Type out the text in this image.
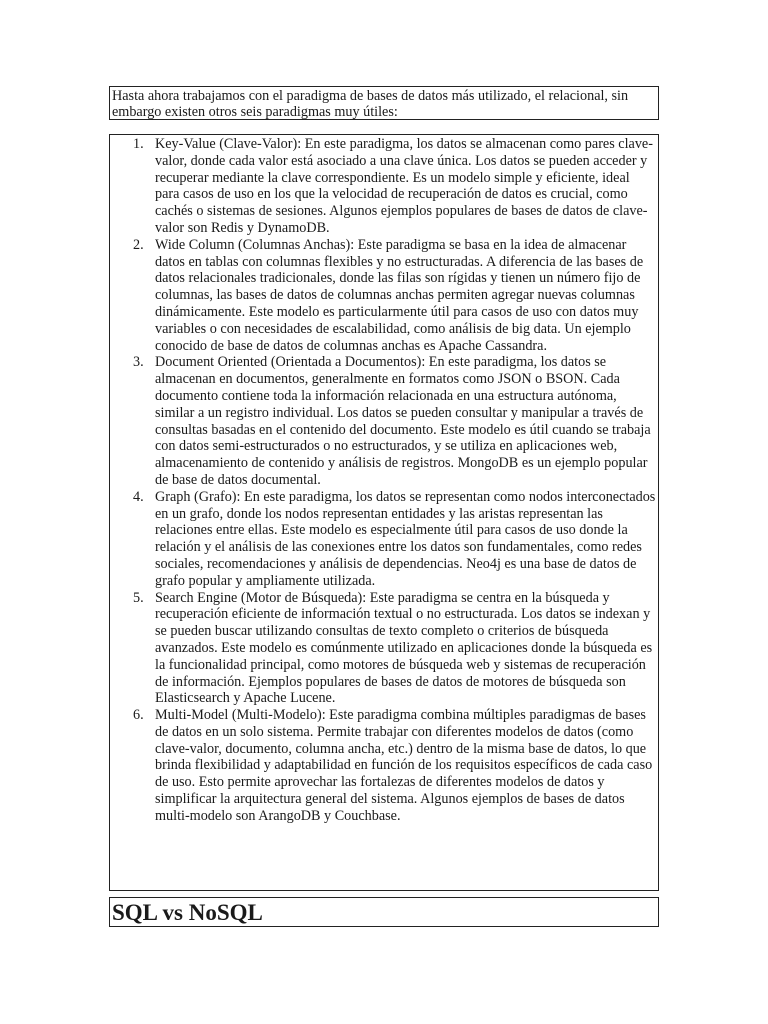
Hasta ahora trabajamos con el paradigma de bases de datos más utilizado, el relacional, sin embargo existen otros seis paradigmas muy útiles:

1. Key-Value (Clave-Valor): En este paradigma, los datos se almacenan como pares clave-valor, donde cada valor está asociado a una clave única. Los datos se pueden acceder y recuperar mediante la clave correspondiente. Es un modelo simple y eficiente, ideal para casos de uso en los que la velocidad de recuperación de datos es crucial, como cachés o sistemas de sesiones. Algunos ejemplos populares de bases de datos de clave-valor son Redis y DynamoDB.
2. Wide Column (Columnas Anchas): Este paradigma se basa en la idea de almacenar datos en tablas con columnas flexibles y no estructuradas. A diferencia de las bases de datos relacionales tradicionales, donde las filas son rígidas y tienen un número fijo de columnas, las bases de datos de columnas anchas permiten agregar nuevas columnas dinámicamente. Este modelo es particularmente útil para casos de uso con datos muy variables o con necesidades de escalabilidad, como análisis de big data. Un ejemplo conocido de base de datos de columnas anchas es Apache Cassandra.
3. Document Oriented (Orientada a Documentos): En este paradigma, los datos se almacenan en documentos, generalmente en formatos como JSON o BSON. Cada documento contiene toda la información relacionada en una estructura autónoma, similar a un registro individual. Los datos se pueden consultar y manipular a través de consultas basadas en el contenido del documento. Este modelo es útil cuando se trabaja con datos semi-estructurados o no estructurados, y se utiliza en aplicaciones web, almacenamiento de contenido y análisis de registros. MongoDB es un ejemplo popular de base de datos documental.
4. Graph (Grafo): En este paradigma, los datos se representan como nodos interconectados en un grafo, donde los nodos representan entidades y las aristas representan las relaciones entre ellas. Este modelo es especialmente útil para casos de uso donde la relación y el análisis de las conexiones entre los datos son fundamentales, como redes sociales, recomendaciones y análisis de dependencias. Neo4j es una base de datos de grafo popular y ampliamente utilizada.
5. Search Engine (Motor de Búsqueda): Este paradigma se centra en la búsqueda y recuperación eficiente de información textual o no estructurada. Los datos se indexan y se pueden buscar utilizando consultas de texto completo o criterios de búsqueda avanzados. Este modelo es comúnmente utilizado en aplicaciones donde la búsqueda es la funcionalidad principal, como motores de búsqueda web y sistemas de recuperación de información. Ejemplos populares de bases de datos de motores de búsqueda son Elasticsearch y Apache Lucene.
6. Multi-Model (Multi-Modelo): Este paradigma combina múltiples paradigmas de bases de datos en un solo sistema. Permite trabajar con diferentes modelos de datos (como clave-valor, documento, columna ancha, etc.) dentro de la misma base de datos, lo que brinda flexibilidad y adaptabilidad en función de los requisitos específicos de cada caso de uso. Esto permite aprovechar las fortalezas de diferentes modelos de datos y simplificar la arquitectura general del sistema. Algunos ejemplos de bases de datos multi-modelo son ArangoDB y Couchbase.
SQL vs NoSQL
